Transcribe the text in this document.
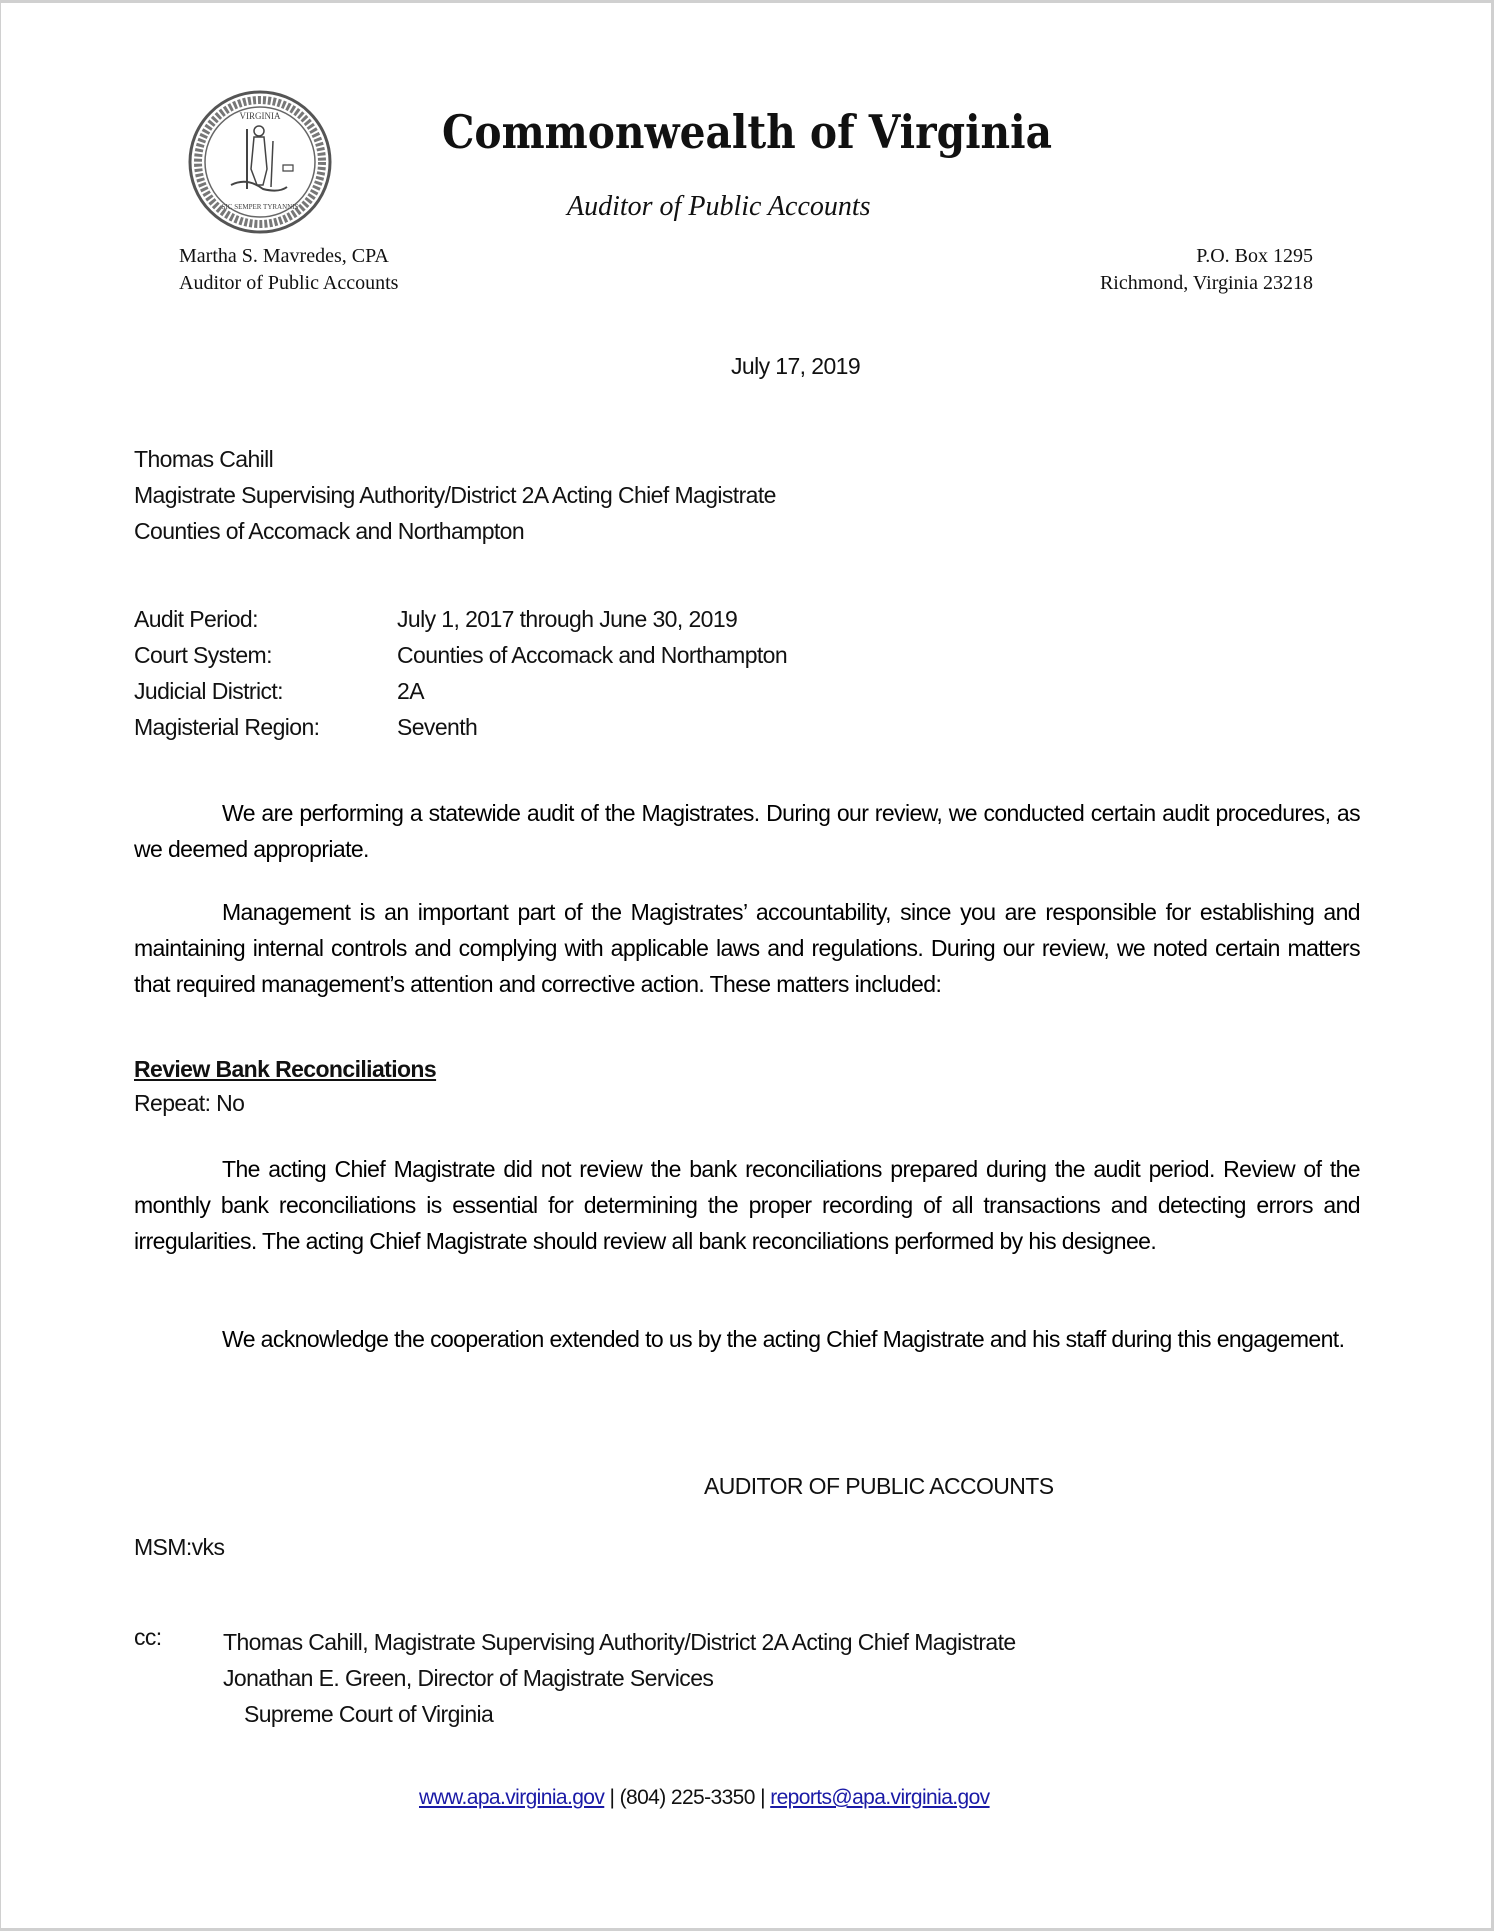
VIRGINIA
SIC SEMPER TYRANNIS
Commonwealth of Virginia
Auditor of Public Accounts
Martha S. Mavredes, CPA
Auditor of Public Accounts
P.O. Box 1295
Richmond, Virginia 23218
July 17, 2019
Thomas Cahill
Magistrate Supervising Authority/District 2A Acting Chief Magistrate
Counties of Accomack and Northampton
Audit Period:	July 1, 2017 through June 30, 2019
Court System:	Counties of Accomack and Northampton
Judicial District:	2A
Magisterial Region:	Seventh
We are performing a statewide audit of the Magistrates. During our review, we conducted certain audit procedures, as we deemed appropriate.
Management is an important part of the Magistrates’ accountability, since you are responsible for establishing and maintaining internal controls and complying with applicable laws and regulations. During our review, we noted certain matters that required management’s attention and corrective action. These matters included:
Review Bank Reconciliations
Repeat: No
The acting Chief Magistrate did not review the bank reconciliations prepared during the audit period. Review of the monthly bank reconciliations is essential for determining the proper recording of all transactions and detecting errors and irregularities. The acting Chief Magistrate should review all bank reconciliations performed by his designee.
We acknowledge the cooperation extended to us by the acting Chief Magistrate and his staff during this engagement.
AUDITOR OF PUBLIC ACCOUNTS
MSM:vks
cc:	Thomas Cahill, Magistrate Supervising Authority/District 2A Acting Chief Magistrate
Jonathan E. Green, Director of Magistrate Services
Supreme Court of Virginia
www.apa.virginia.gov | (804) 225-3350 | reports@apa.virginia.gov
